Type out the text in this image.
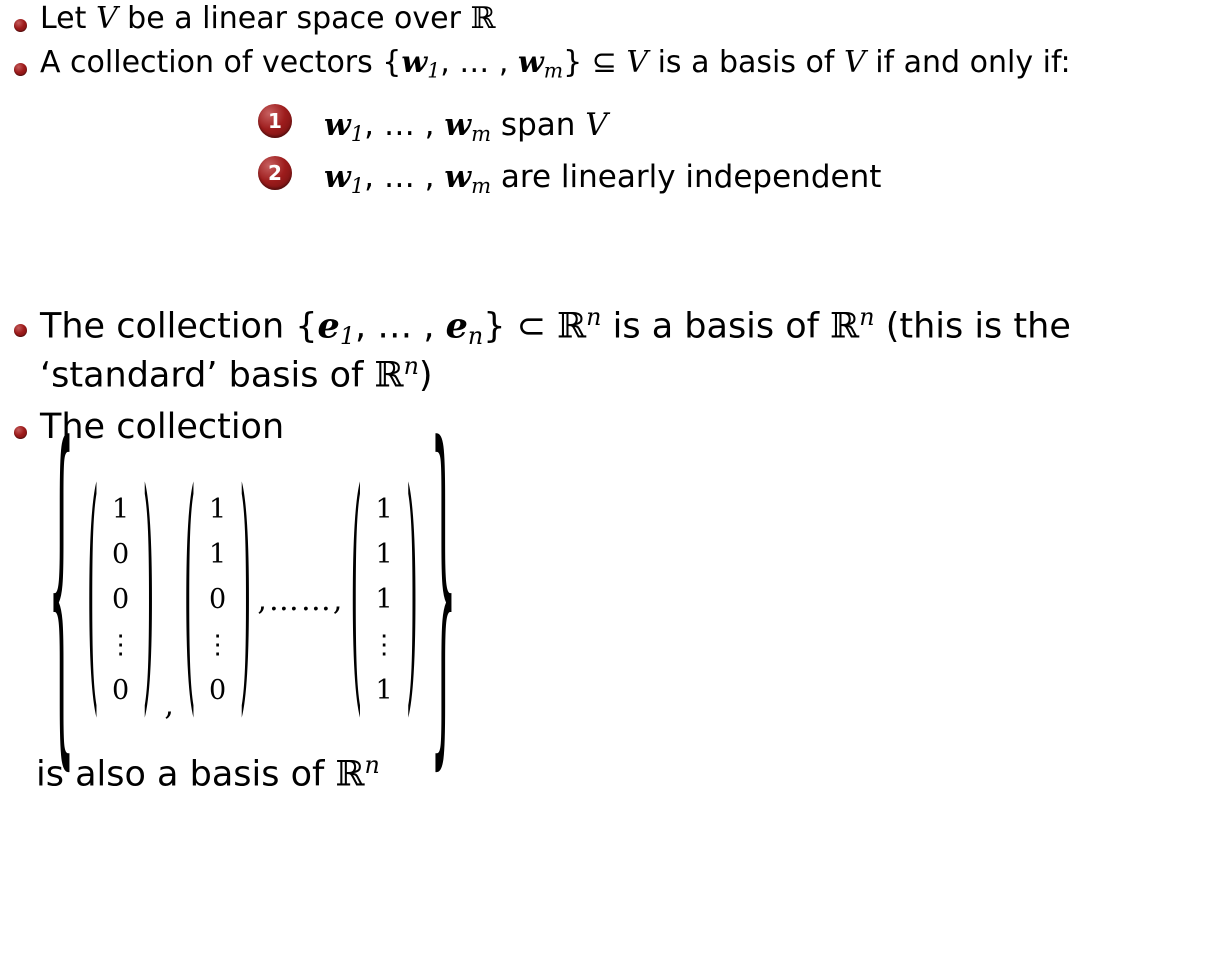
Let V be a linear space over ℝ
A collection of vectors {$w_1$, … , $w_m$} ⊆ V is a basis of V if and only if:
1	$w_1$, … , $w_m$ span V
2	$w_1$, … , $w_m$ are linearly independent
The collection {$e_1$, … , $e_n$} ⊂ ℝ$^n$ is a basis of ℝ$^n$ (this is the ‘standard’ basis of ℝ$^n$)
The collection
{ ( 1
0
0
⋮
0 ) , ( 1
1
0
⋮
0 ) ,……, ( 1
1
1
⋮
1 ) }
is also a basis of ℝ$^n$
